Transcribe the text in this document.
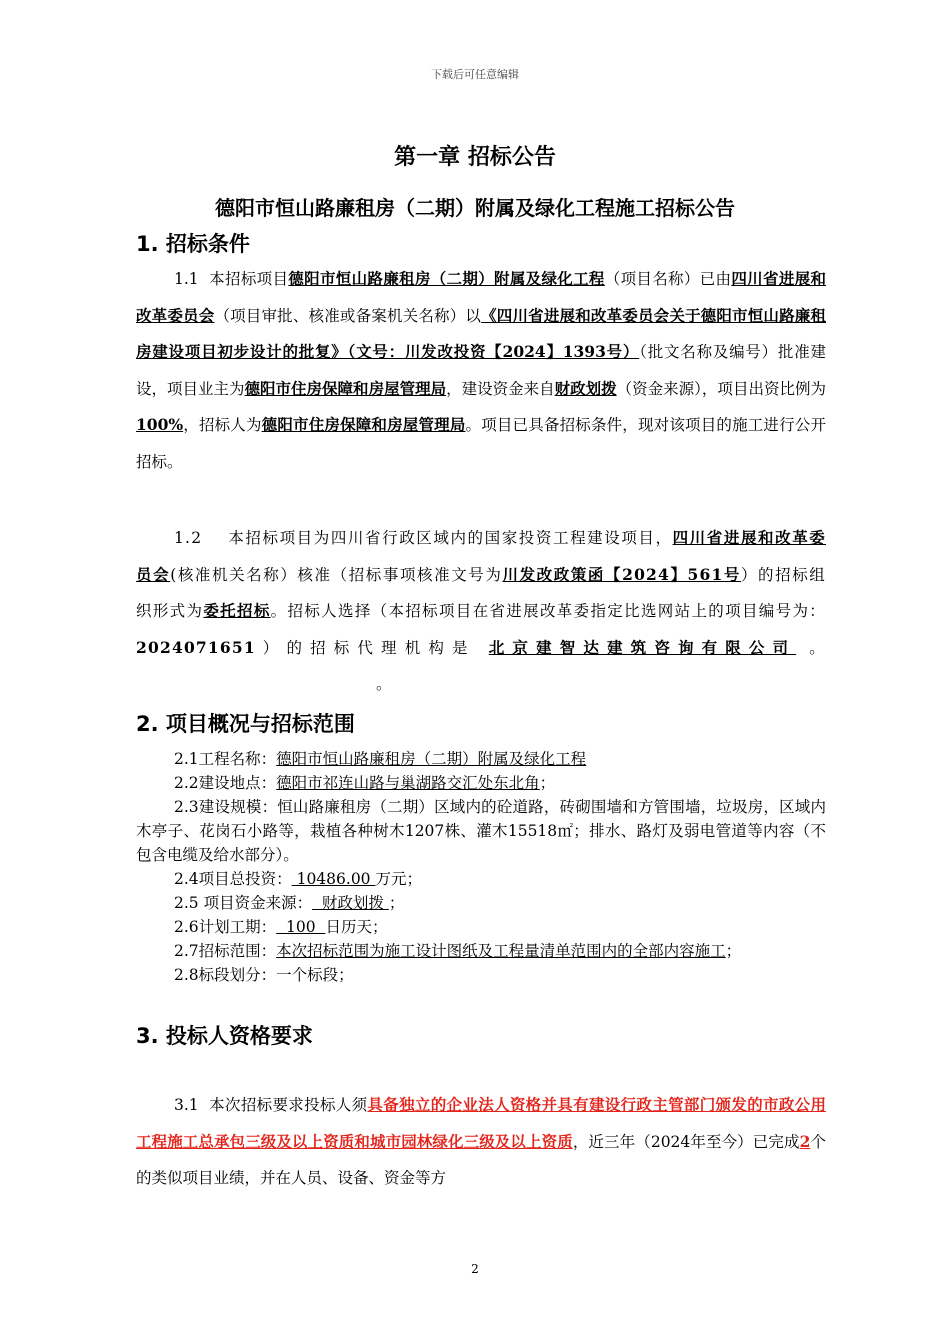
下载后可任意编辑
第一章 招标公告
德阳市恒山路廉租房（二期）附属及绿化工程施工招标公告
1. 招标条件
1.1 本招标项目德阳市恒山路廉租房（二期）附属及绿化工程（项目名称）已由四川省进展和改革委员会（项目审批、核准或备案机关名称）以《四川省进展和改革委员会关于德阳市恒山路廉租房建设项目初步设计的批复》（文号：川发改投资【2024】1393号）（批文名称及编号）批准建设，项目业主为德阳市住房保障和房屋管理局，建设资金来自财政划拨（资金来源），项目出资比例为100%，招标人为德阳市住房保障和房屋管理局。项目已具备招标条件，现对该项目的施工进行公开招标。
1.2 本招标项目为四川省行政区域内的国家投资工程建设项目，四川省进展和改革委员会(核准机关名称）核准（招标事项核准文号为川发改政策函【2024】561号）的招标组织形式为委托招标。招标人选择（本招标项目在省进展改革委指定比选网站上的项目编号为：2024071651）的招标代理机构是 北京建智达建筑咨询有限公司 。。
2. 项目概况与招标范围
2.1工程名称：德阳市恒山路廉租房（二期）附属及绿化工程
2.2建设地点：德阳市祁连山路与巢湖路交汇处东北角；
2.3建设规模：恒山路廉租房（二期）区域内的砼道路，砖砌围墙和方管围墙，垃圾房，区域内木亭子、花岗石小路等，栽植各种树木1207株、灌木15518㎡；排水、路灯及弱电管道等内容（不包含电缆及给水部分）。
2.4项目总投资： 10486.00 万元；
2.5 项目资金来源：  财政划拨 ；
2.6计划工期：  100  日历天；
2.7招标范围：本次招标范围为施工设计图纸及工程量清单范围内的全部内容施工；
2.8标段划分：一个标段；
3. 投标人资格要求
3.1 本次招标要求投标人须具备独立的企业法人资格并具有建设行政主管部门颁发的市政公用工程施工总承包三级及以上资质和城市园林绿化三级及以上资质，近三年（2024年至今）已完成2个的类似项目业绩，并在人员、设备、资金等方
2
